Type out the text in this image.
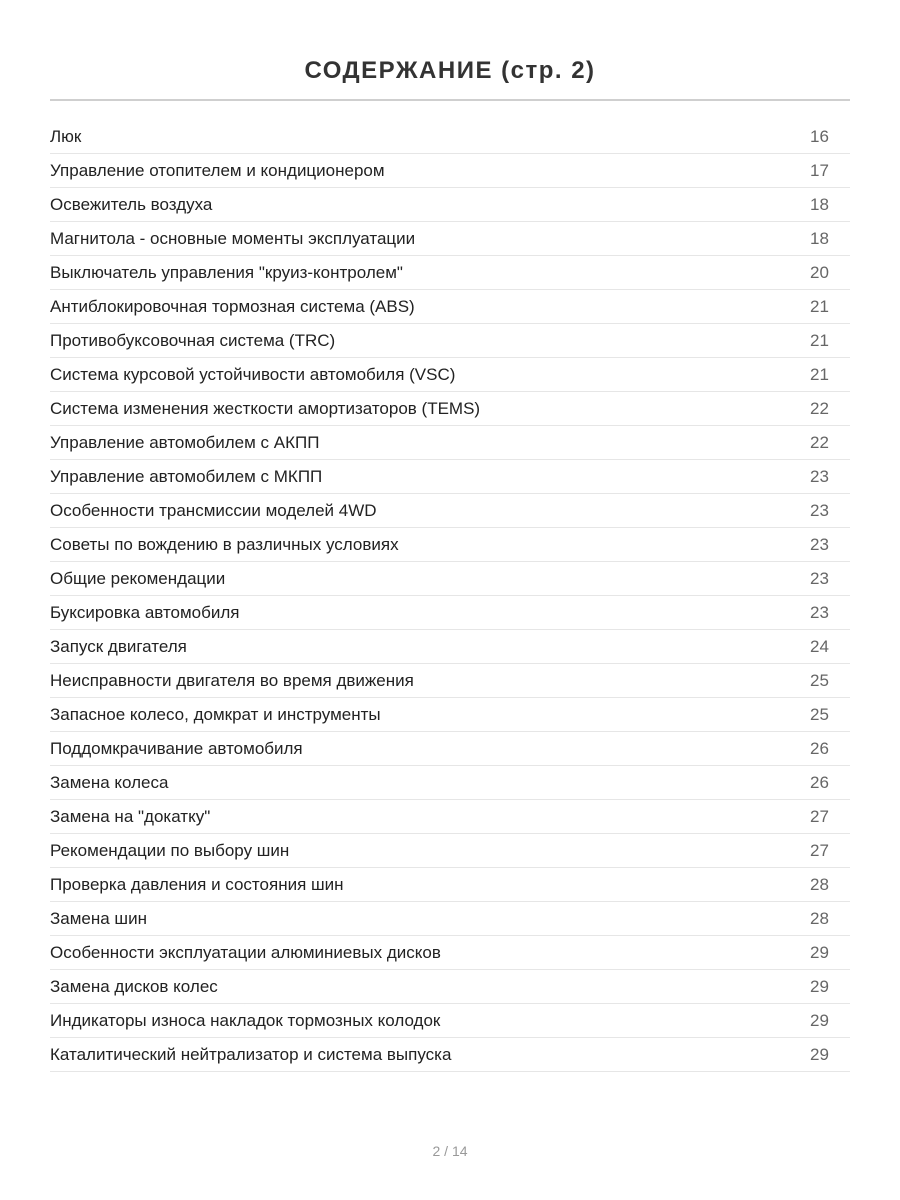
СОДЕРЖАНИЕ (стр. 2)
Люк	16
Управление отопителем и кондиционером	17
Освежитель воздуха	18
Магнитола - основные моменты эксплуатации	18
Выключатель управления "круиз-контролем"	20
Антиблокировочная тормозная система (ABS)	21
Противобуксовочная система (TRC)	21
Система курсовой устойчивости автомобиля (VSC)	21
Система изменения жесткости амортизаторов (TEMS)	22
Управление автомобилем с АКПП	22
Управление автомобилем с МКПП	23
Особенности трансмиссии моделей 4WD	23
Советы по вождению в различных условиях	23
Общие рекомендации	23
Буксировка автомобиля	23
Запуск двигателя	24
Неисправности двигателя во время движения	25
Запасное колесо, домкрат и инструменты	25
Поддомкрачивание автомобиля	26
Замена колеса	26
Замена на "докатку"	27
Рекомендации по выбору шин	27
Проверка давления и состояния шин	28
Замена шин	28
Особенности эксплуатации алюминиевых дисков	29
Замена дисков колес	29
Индикаторы износа накладок тормозных колодок	29
Каталитический нейтрализатор и система выпуска	29
2 / 14
